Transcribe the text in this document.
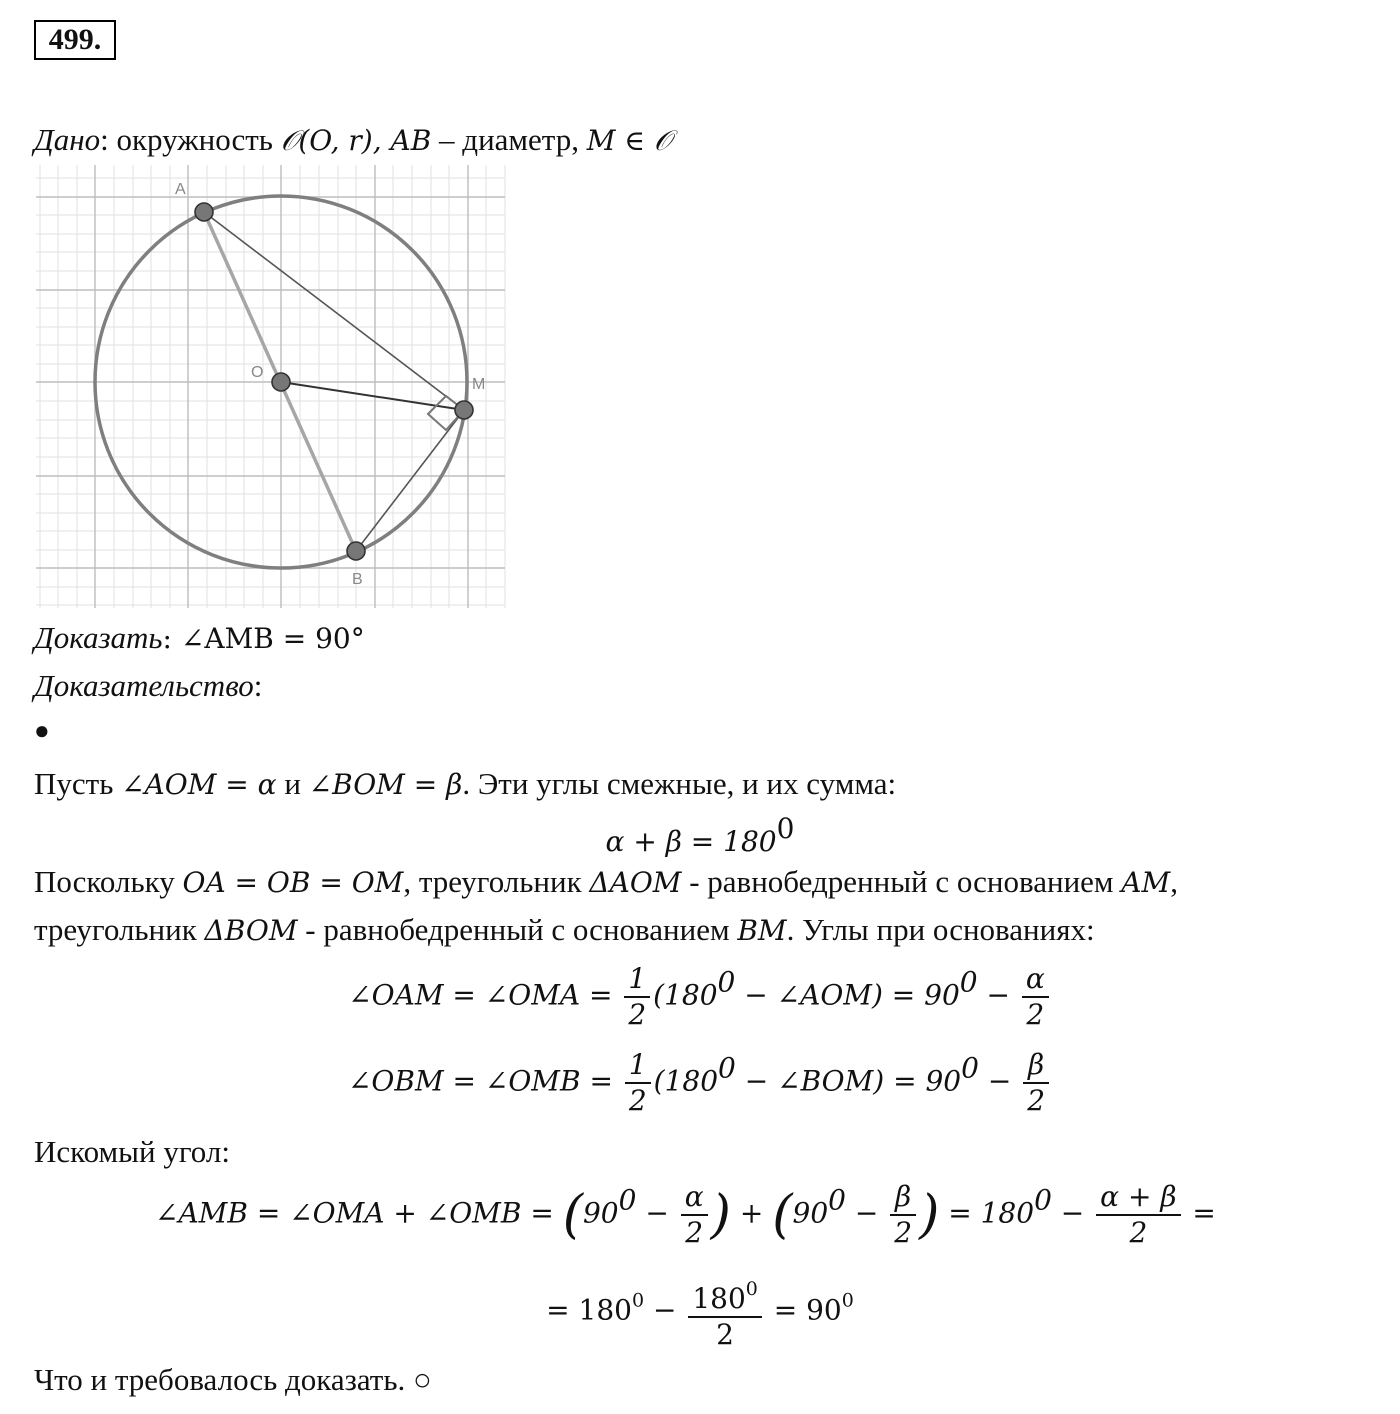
499.
Дано: окружность 𝒪(O, r), AB – диаметр, M ∈ 𝒪
A
O
M
B
Доказать: ∠AMB = 90°
Доказательство:
●
Пусть ∠AOM = α и ∠BOM = β. Эти углы смежные, и их сумма:
$\alpha + \beta = 180^0$
Поскольку OA = OB = OM, треугольник ΔAOM - равнобедренный с основанием AM,
треугольник ΔBOM - равнобедренный с основанием BM. Углы при основаниях:
∠OAM = ∠OMA = $\frac{1}{2} (180^0$ − ∠AOM) = $90^0 - \frac{\alpha}{2}$
∠OBM = ∠OMB = $\frac{1}{2} (180^0$ − ∠BOM) = $90^0 - \frac{\beta}{2}$
Искомый угол:
∠AMB = ∠OMA + ∠OMB = ($90^0 - \frac{\alpha}{2}$ ) + ($90^0 - \frac{\beta}{2}$ ) = $180^0 - \frac{\alpha + \beta}{2}$ =
= $180^0 - \frac{180^0}{2} = 90^0$
Что и требовалось доказать. ○
